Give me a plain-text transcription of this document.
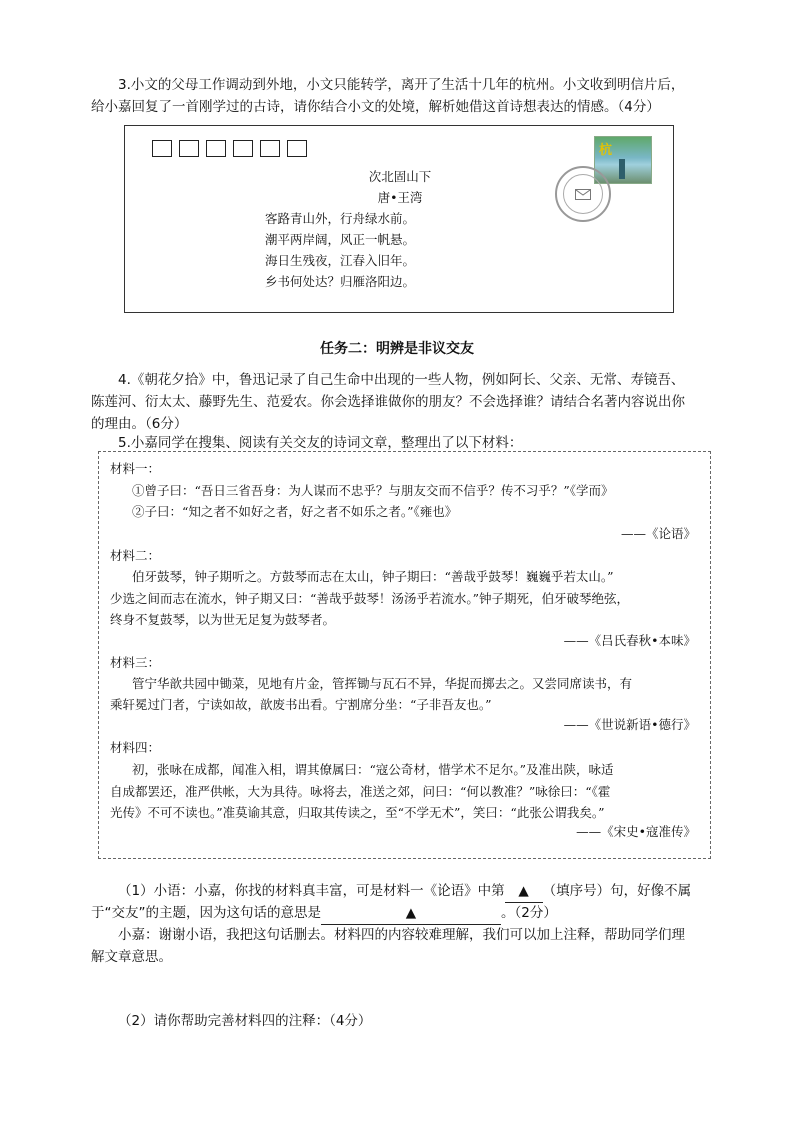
3.小文的父母工作调动到外地，小文只能转学，离开了生活十几年的杭州。小文收到明信片后，
给小嘉回复了一首刚学过的古诗，请你结合小文的处境，解析她借这首诗想表达的情感。（4分）
杭
次北固山下
唐•王湾
客路青山外，行舟绿水前。
潮平两岸阔，风正一帆悬。
海日生残夜，江春入旧年。
乡书何处达？归雁洛阳边。
任务二：明辨是非议交友
4.《朝花夕拾》中，鲁迅记录了自己生命中出现的一些人物，例如阿长、父亲、无常、寿镜吾、
陈莲河、衍太太、藤野先生、范爱农。你会选择谁做你的朋友？不会选择谁？请结合名著内容说出你
的理由。（6分）
5.小嘉同学在搜集、阅读有关交友的诗词文章，整理出了以下材料：
材料一：
①曾子曰：“吾日三省吾身：为人谋而不忠乎？与朋友交而不信乎？传不习乎？”《学而》
②子曰：“知之者不如好之者，好之者不如乐之者。”《雍也》
——《论语》
材料二：
伯牙鼓琴，钟子期听之。方鼓琴而志在太山，钟子期曰：“善哉乎鼓琴！巍巍乎若太山。”
少选之间而志在流水，钟子期又曰：“善哉乎鼓琴！汤汤乎若流水。”钟子期死，伯牙破琴绝弦，
终身不复鼓琴，以为世无足复为鼓琴者。
——《吕氏春秋•本味》
材料三：
管宁华歆共园中锄菜，见地有片金，管挥锄与瓦石不异，华捉而掷去之。又尝同席读书，有
乘轩冕过门者，宁读如故，歆废书出看。宁割席分坐：“子非吾友也。”
——《世说新语•德行》
材料四：
初，张咏在成都，闻准入相，谓其僚属曰：“寇公奇材，惜学术不足尔。”及准出陕，咏适
自成都罢还，准严供帐，大为具待。咏将去，准送之郊，问曰：“何以教准？”咏徐曰：“《霍
光传》不可不读也。”准莫谕其意，归取其传读之，至“不学无术”，笑曰：“此张公谓我矣。”
——《宋史•寇准传》
（1）小语：小嘉，你找的材料真丰富，可是材料一《论语》中第 ▲ （填序号）句，好像不属
于“交友”的主题，因为这句话的意思是	▲	。（2分）
小嘉：谢谢小语，我把这句话删去。材料四的内容较难理解，我们可以加上注释，帮助同学们理
解文章意思。
（2）请你帮助完善材料四的注释：（4分）
